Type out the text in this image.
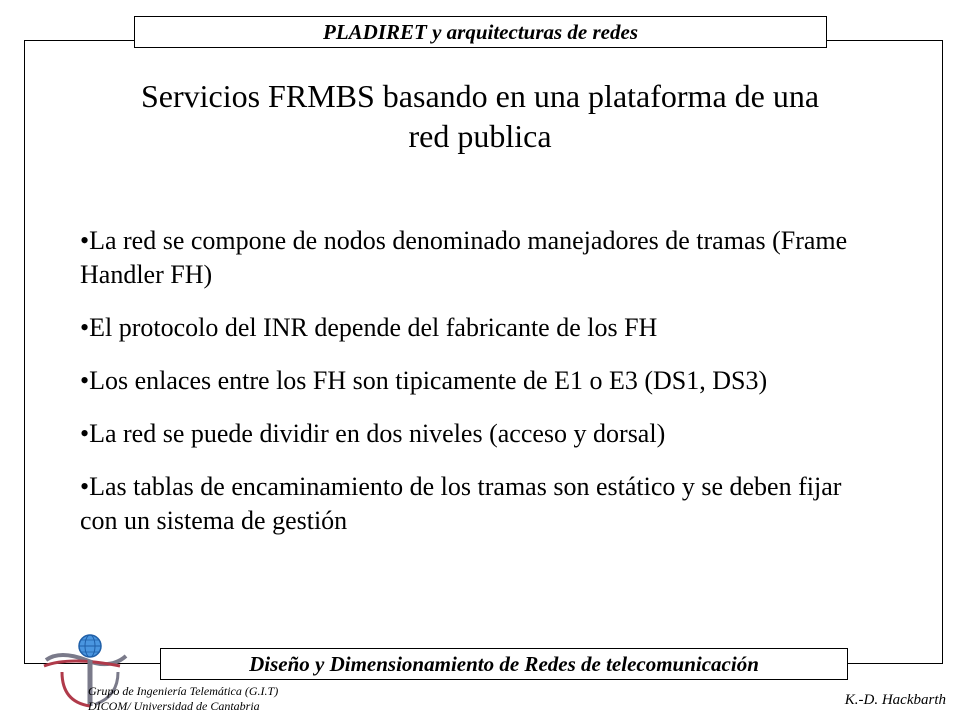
PLADIRET y arquitecturas de redes
Servicios FRMBS basando en una plataforma de una
red publica
•La red se compone de nodos denominado manejadores de tramas (Frame Handler FH)
•El protocolo del INR depende del fabricante de los FH
•Los enlaces entre los FH son tipicamente de E1 o E3 (DS1, DS3)
•La red se puede dividir en dos niveles (acceso y dorsal)
•Las tablas de encaminamiento de los tramas son estático y se deben fijar con un sistema de gestión
Diseño y Dimensionamiento de Redes de telecomunicación
Grupo de Ingeniería Telemática (G.I.T)
DICOM/ Universidad de Cantabria	K.-D. Hackbarth
